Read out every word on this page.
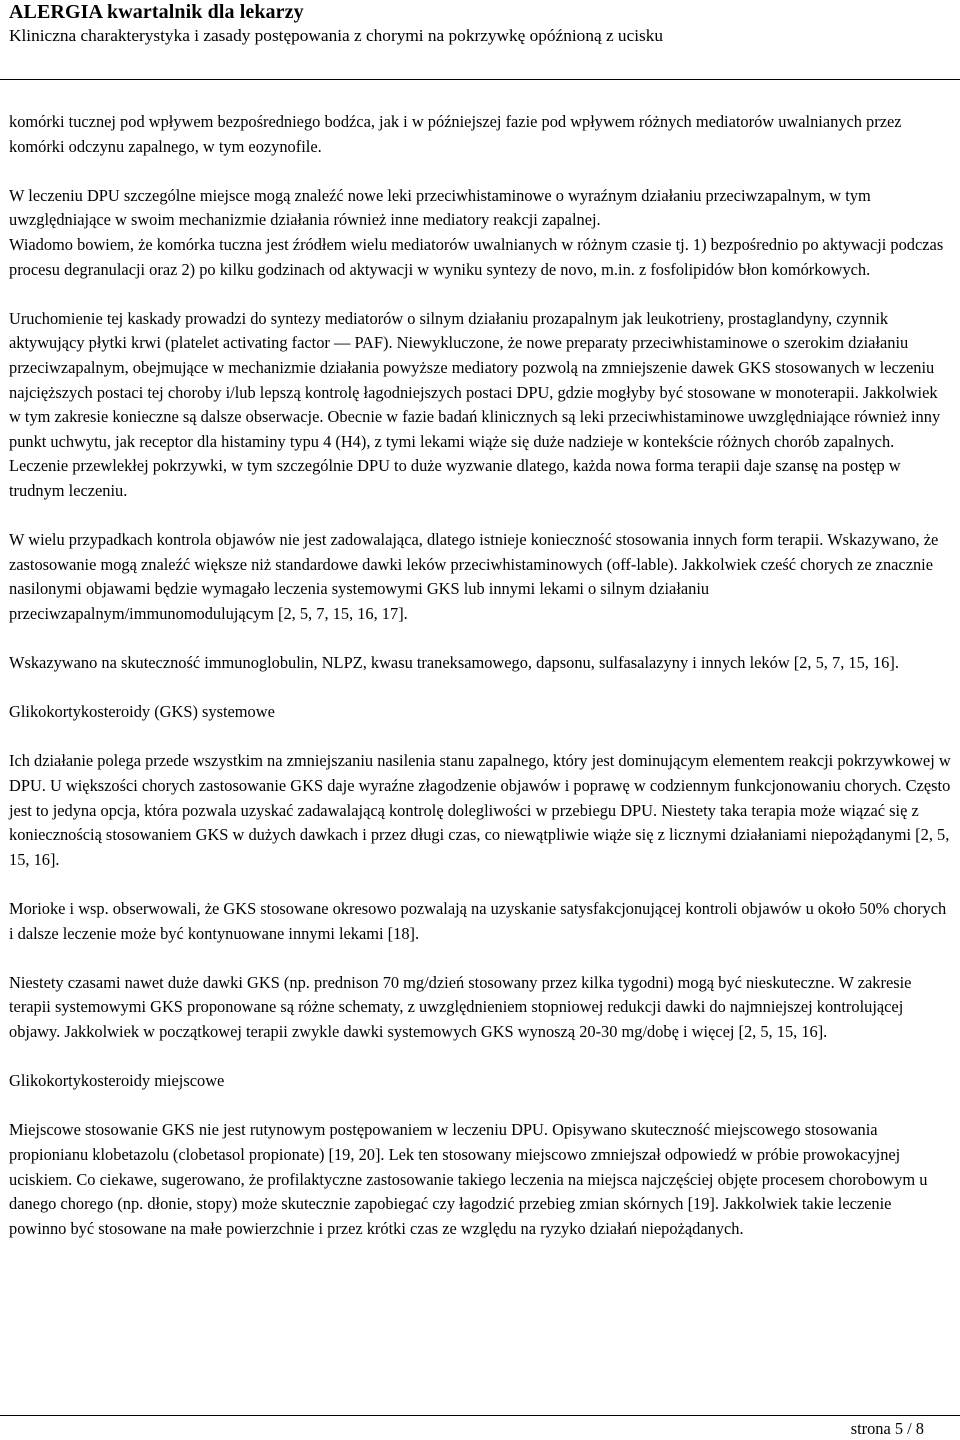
ALERGIA kwartalnik dla lekarzy
Kliniczna charakterystyka i zasady postępowania z chorymi na pokrzywkę opóźnioną z ucisku

komórki tucznej pod wpływem bezpośredniego bodźca, jak i w późniejszej fazie pod wpływem różnych mediatorów uwalnianych przez komórki odczynu zapalnego, w tym eozynofile.

W leczeniu DPU szczególne miejsce mogą znaleźć nowe leki przeciwhistaminowe o wyraźnym działaniu przeciwzapalnym, w tym uwzględniające w swoim mechanizmie działania również inne mediatory reakcji zapalnej.

Wiadomo bowiem, że komórka tuczna jest źródłem wielu mediatorów uwalnianych w różnym czasie tj. 1) bezpośrednio po aktywacji podczas procesu degranulacji oraz 2) po kilku godzinach od aktywacji w wyniku syntezy de novo, m.in. z fosfolipidów błon komórkowych.

Uruchomienie tej kaskady prowadzi do syntezy mediatorów o silnym działaniu prozapalnym jak leukotrieny, prostaglandyny, czynnik aktywujący płytki krwi (platelet activating factor — PAF). Niewykluczone, że nowe preparaty przeciwhistaminowe o szerokim działaniu przeciwzapalnym, obejmujące w mechanizmie działania powyższe mediatory pozwolą na zmniejszenie dawek GKS stosowanych w leczeniu najcięższych postaci tej choroby i/lub lepszą kontrolę łagodniejszych postaci DPU, gdzie mogłyby być stosowane w monoterapii. Jakkolwiek w tym zakresie konieczne są dalsze obserwacje. Obecnie w fazie badań klinicznych są leki przeciwhistaminowe uwzględniające również inny punkt uchwytu, jak receptor dla histaminy typu 4 (H4), z tymi lekami wiąże się duże nadzieje w kontekście różnych chorób zapalnych. Leczenie przewlekłej pokrzywki, w tym szczególnie DPU to duże wyzwanie dlatego, każda nowa forma terapii daje szansę na postęp w trudnym leczeniu.

W wielu przypadkach kontrola objawów nie jest zadowalająca, dlatego istnieje konieczność stosowania innych form terapii. Wskazywano, że zastosowanie mogą znaleźć większe niż standardowe dawki leków przeciwhistaminowych (off-lable). Jakkolwiek cześć chorych ze znacznie nasilonymi objawami będzie wymagało leczenia systemowymi GKS lub innymi lekami o silnym działaniu przeciwzapalnym/immunomodulującym [2, 5, 7, 15, 16, 17].

Wskazywano na skuteczność immunoglobulin, NLPZ, kwasu traneksamowego, dapsonu, sulfasalazyny i innych leków [2, 5, 7, 15, 16].

Glikokortykosteroidy (GKS) systemowe

Ich działanie polega przede wszystkim na zmniejszaniu nasilenia stanu zapalnego, który jest dominującym elementem reakcji pokrzywkowej w DPU. U większości chorych zastosowanie GKS daje wyraźne złagodzenie objawów i poprawę w codziennym funkcjonowaniu chorych. Często jest to jedyna opcja, która pozwala uzyskać zadawalającą kontrolę dolegliwości w przebiegu DPU. Niestety taka terapia może wiązać się z koniecznością stosowaniem GKS w dużych dawkach i przez długi czas, co niewątpliwie wiąże się z licznymi działaniami niepożądanymi [2, 5, 15, 16].

Morioke i wsp. obserwowali, że GKS stosowane okresowo pozwalają na uzyskanie satysfakcjonującej kontroli objawów u około 50% chorych i dalsze leczenie może być kontynuowane innymi lekami [18].

Niestety czasami nawet duże dawki GKS (np. prednison 70 mg/dzień stosowany przez kilka tygodni) mogą być nieskuteczne. W zakresie terapii systemowymi GKS proponowane są różne schematy, z uwzględnieniem stopniowej redukcji dawki do najmniejszej kontrolującej objawy. Jakkolwiek w początkowej terapii zwykle dawki systemowych GKS wynoszą 20-30 mg/dobę i więcej [2, 5, 15, 16].

Glikokortykosteroidy miejscowe

Miejscowe stosowanie GKS nie jest rutynowym postępowaniem w leczeniu DPU. Opisywano skuteczność miejscowego stosowania propionianu klobetazolu (clobetasol propionate) [19, 20]. Lek ten stosowany miejscowo zmniejszał odpowiedź w próbie prowokacyjnej uciskiem. Co ciekawe, sugerowano, że profilaktyczne zastosowanie takiego leczenia na miejsca najczęściej objęte procesem chorobowym u danego chorego (np. dłonie, stopy) może skutecznie zapobiegać czy łagodzić przebieg zmian skórnych [19]. Jakkolwiek takie leczenie powinno być stosowane na małe powierzchnie i przez krótki czas ze względu na ryzyko działań niepożądanych.

strona 5 / 8
